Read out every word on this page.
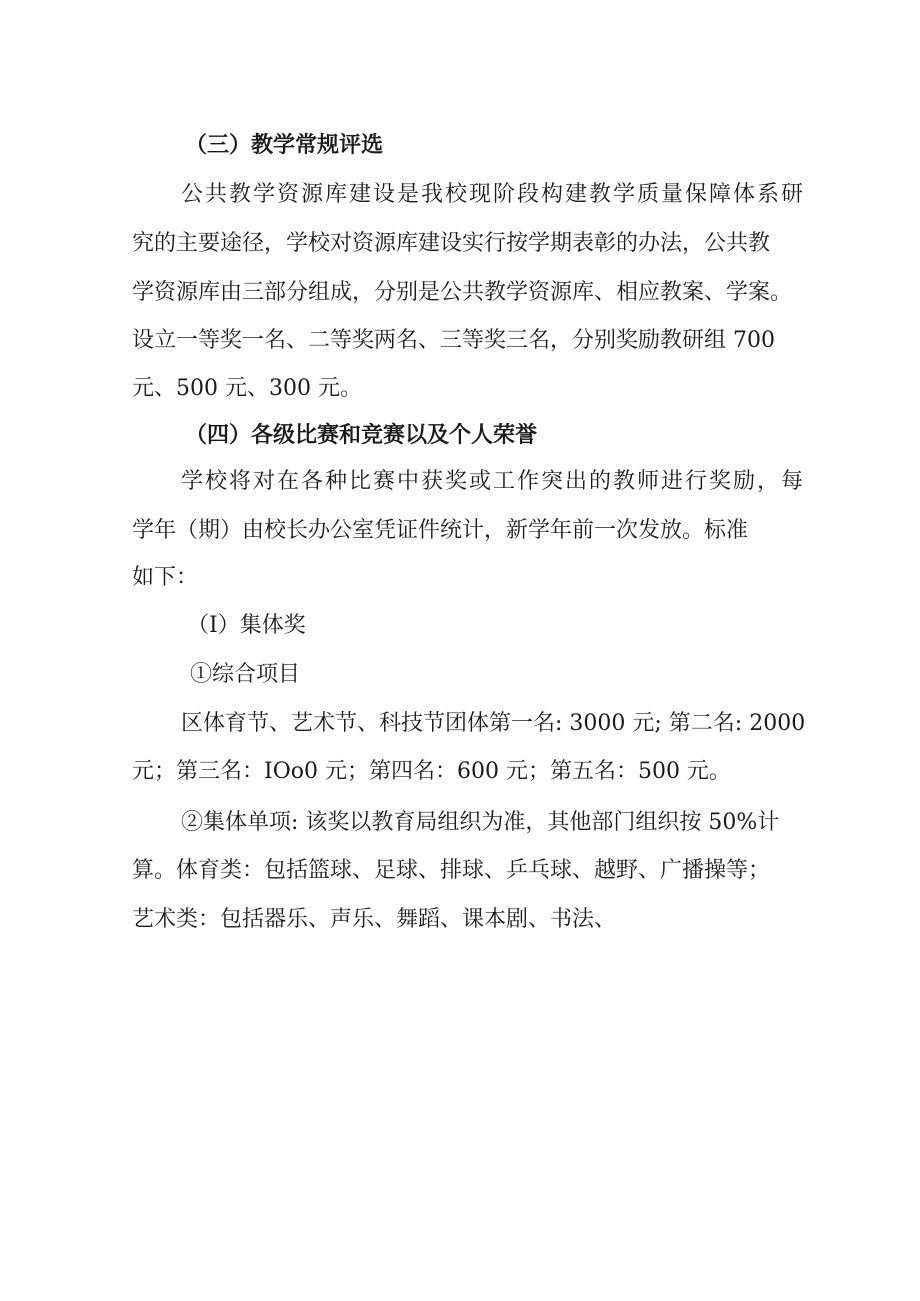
（三）教学常规评选
公共教学资源库建设是我校现阶段构建教学质量保障体系研
究的主要途径，学校对资源库建设实行按学期表彰的办法，公共教
学资源库由三部分组成，分别是公共教学资源库、相应教案、学案。
设立一等奖一名、二等奖两名、三等奖三名，分别奖励教研组 700
元、500 元、300 元。
（四）各级比赛和竞赛以及个人荣誉
学校将对在各种比赛中获奖或工作突出的教师进行奖励，每
学年（期）由校长办公室凭证件统计，新学年前一次发放。标准
如下：
（I）集体奖
①综合项目
区体育节、艺术节、科技节团体第一名: 3000 元; 第二名: 2000
元；第三名：IOo0 元；第四名：600 元；第五名：500 元。
②集体单项: 该奖以教育局组织为准，其他部门组织按 50%计
算。体育类：包括篮球、足球、排球、乒乓球、越野、广播操等；
艺术类：包括器乐、声乐、舞蹈、课本剧、书法、
